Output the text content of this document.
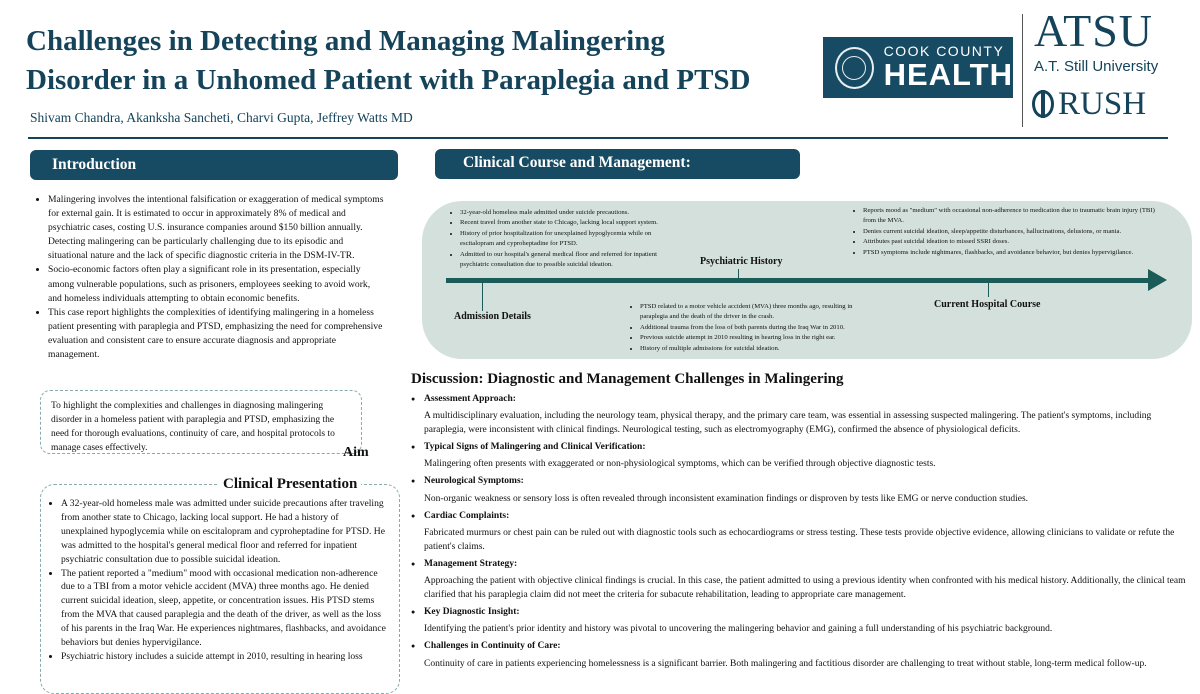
Challenges in Detecting and Managing Malingering
Disorder in a Unhomed Patient with Paraplegia and PTSD
Shivam Chandra, Akanksha Sancheti, Charvi Gupta, Jeffrey Watts MD
COOK COUNTY
HEALTH
ATSU
A.T. Still University
RUSH
Introduction
• Malingering involves the intentional falsification or exaggeration of medical symptoms for external gain. It is estimated to occur in approximately 8% of medical and psychiatric cases, costing U.S. insurance companies around $150 billion annually. Detecting malingering can be particularly challenging due to its episodic and situational nature and the lack of specific diagnostic criteria in the DSM-IV-TR.
• Socio-economic factors often play a significant role in its presentation, especially among vulnerable populations, such as prisoners, employees seeking to avoid work, and homeless individuals attempting to obtain economic benefits.
• This case report highlights the complexities of identifying malingering in a homeless patient presenting with paraplegia and PTSD, emphasizing the need for comprehensive evaluation and consistent care to ensure accurate diagnosis and appropriate management.
To highlight the complexities and challenges in diagnosing malingering disorder in a homeless patient with paraplegia and PTSD, emphasizing the need for thorough evaluations, continuity of care, and hospital protocols to manage cases effectively.	Aim
Clinical Presentation
• A 32-year-old homeless male was admitted under suicide precautions after traveling from another state to Chicago, lacking local support. He had a history of unexplained hypoglycemia while on escitalopram and cyproheptadine for PTSD. He was admitted to the hospital's general medical floor and referred for inpatient psychiatric consultation due to possible suicidal ideation.
• The patient reported a "medium" mood with occasional medication non-adherence due to a TBI from a motor vehicle accident (MVA) three months ago. He denied current suicidal ideation, sleep, appetite, or concentration issues. His PTSD stems from the MVA that caused paraplegia and the death of the driver, as well as the loss of his parents in the Iraq War. He experiences nightmares, flashbacks, and avoidance behaviors but denies hypervigilance.
• Psychiatric history includes a suicide attempt in 2010, resulting in hearing loss
Clinical Course and Management:
• 32-year-old homeless male admitted under suicide precautions.
• Recent travel from another state to Chicago, lacking local support system.
• History of prior hospitalization for unexplained hypoglycemia while on escitalopram and cyproheptadine for PTSD.
• Admitted to our hospital's general medical floor and referred for inpatient psychiatric consultation due to possible suicidal ideation.
Admission Details
Psychiatric History
• PTSD related to a motor vehicle accident (MVA) three months ago, resulting in paraplegia and the death of the driver in the crash.
• Additional trauma from the loss of both parents during the Iraq War in 2010.
• Previous suicide attempt in 2010 resulting in hearing loss in the right ear.
• History of multiple admissions for suicidal ideation.
• Reports mood as "medium" with occasional non-adherence to medication due to traumatic brain injury (TBI) from the MVA.
• Denies current suicidal ideation, sleep/appetite disturbances, hallucinations, delusions, or mania.
• Attributes past suicidal ideation to missed SSRI doses.
• PTSD symptoms include nightmares, flashbacks, and avoidance behavior, but denies hypervigilance.
Current Hospital Course
Discussion: Diagnostic and Management Challenges in Malingering
● Assessment Approach:
A multidisciplinary evaluation, including the neurology team, physical therapy, and the primary care team, was essential in assessing suspected malingering. The patient's symptoms, including paraplegia, were inconsistent with clinical findings. Neurological testing, such as electromyography (EMG), confirmed the absence of physiological deficits.
● Typical Signs of Malingering and Clinical Verification:
Malingering often presents with exaggerated or non-physiological symptoms, which can be verified through objective diagnostic tests.
● Neurological Symptoms:
Non-organic weakness or sensory loss is often revealed through inconsistent examination findings or disproven by tests like EMG or nerve conduction studies.
● Cardiac Complaints:
Fabricated murmurs or chest pain can be ruled out with diagnostic tools such as echocardiograms or stress testing. These tests provide objective evidence, allowing clinicians to validate or refute the patient's claims.
● Management Strategy:
Approaching the patient with objective clinical findings is crucial. In this case, the patient admitted to using a previous identity when confronted with his medical history. Additionally, the clinical team clarified that his paraplegia claim did not meet the criteria for subacute rehabilitation, leading to appropriate care management.
● Key Diagnostic Insight:
Identifying the patient's prior identity and history was pivotal to uncovering the malingering behavior and gaining a full understanding of his psychiatric background.
● Challenges in Continuity of Care:
Continuity of care in patients experiencing homelessness is a significant barrier. Both malingering and factitious disorder are challenging to treat without stable, long-term medical follow-up.
